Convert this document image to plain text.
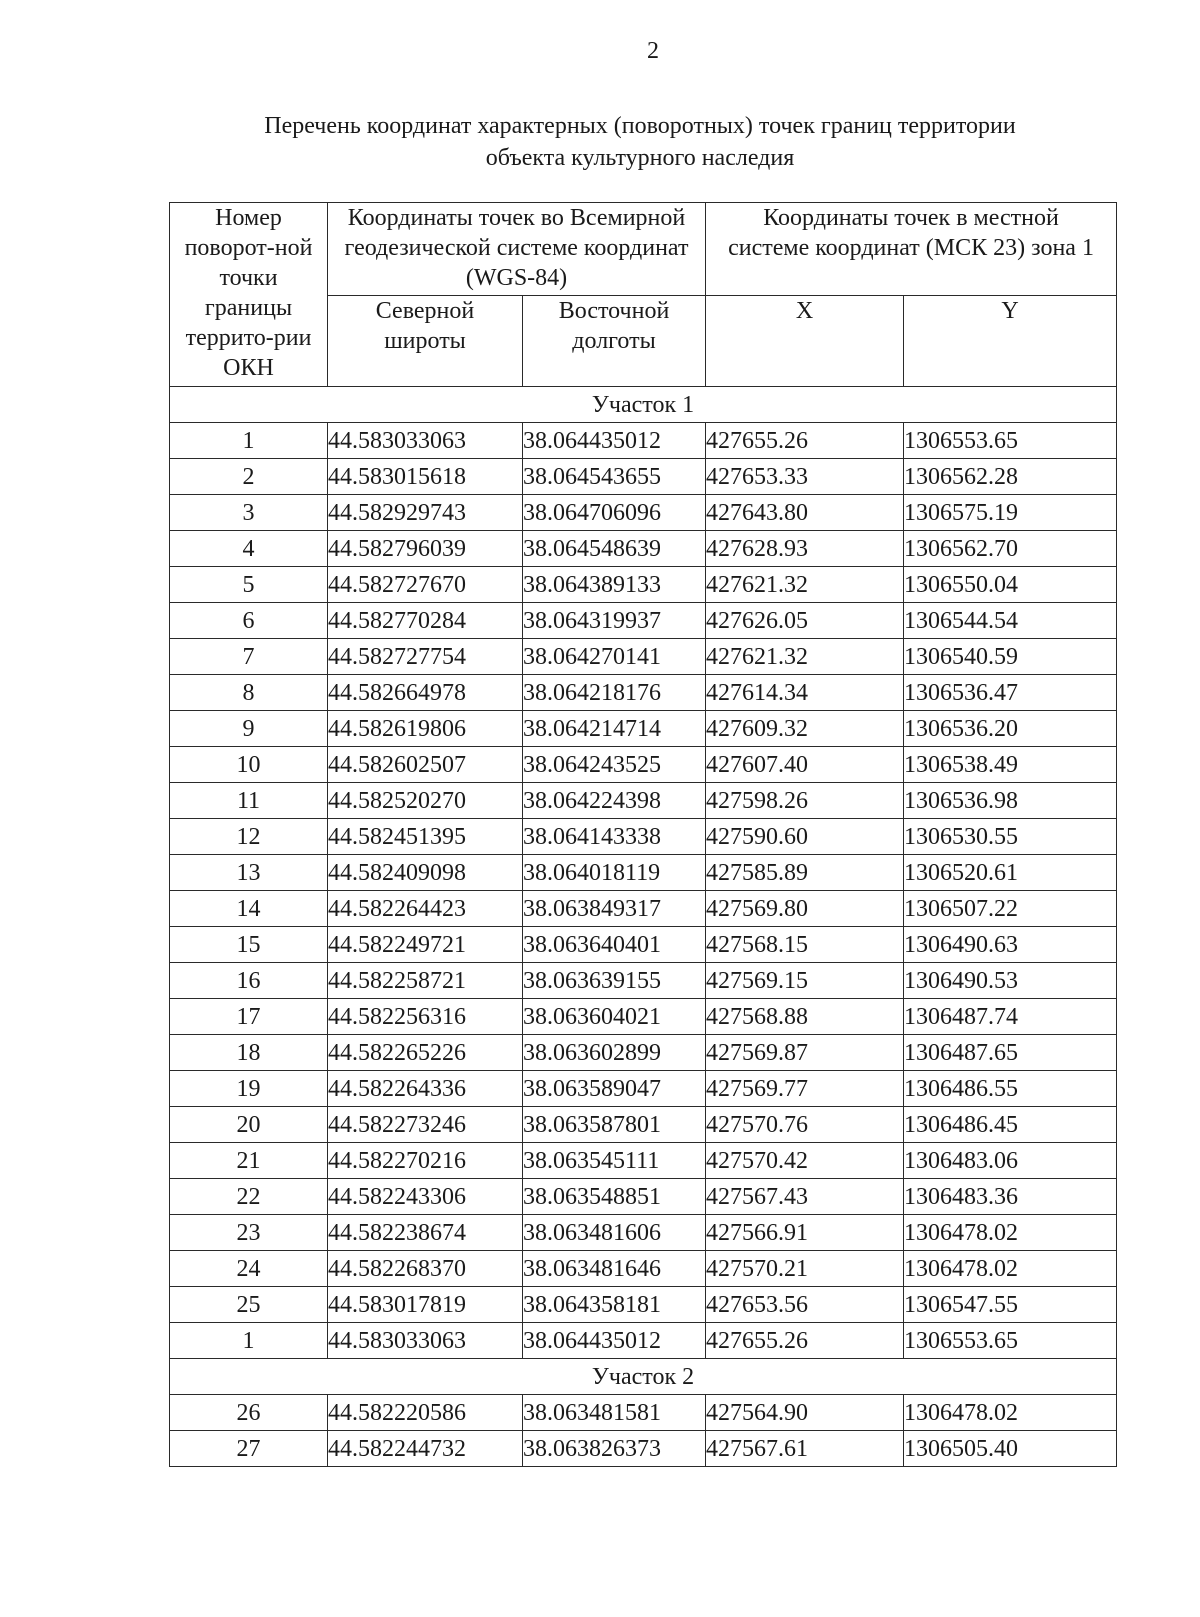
2
Перечень координат характерных (поворотных) точек границ территории
объекта культурного наследия
Номер поворот-ной точки границы террито-рии ОКН	Координаты точек во Всемирной геодезической системе координат (WGS-84)		Координаты точек в местной системе координат (МСК 23) зона 1	
	Северной широты	Восточной долготы	X	Y
Участок 1				
1	44.583033063	38.064435012	427655.26	1306553.65
2	44.583015618	38.064543655	427653.33	1306562.28
3	44.582929743	38.064706096	427643.80	1306575.19
4	44.582796039	38.064548639	427628.93	1306562.70
5	44.582727670	38.064389133	427621.32	1306550.04
6	44.582770284	38.064319937	427626.05	1306544.54
7	44.582727754	38.064270141	427621.32	1306540.59
8	44.582664978	38.064218176	427614.34	1306536.47
9	44.582619806	38.064214714	427609.32	1306536.20
10	44.582602507	38.064243525	427607.40	1306538.49
11	44.582520270	38.064224398	427598.26	1306536.98
12	44.582451395	38.064143338	427590.60	1306530.55
13	44.582409098	38.064018119	427585.89	1306520.61
14	44.582264423	38.063849317	427569.80	1306507.22
15	44.582249721	38.063640401	427568.15	1306490.63
16	44.582258721	38.063639155	427569.15	1306490.53
17	44.582256316	38.063604021	427568.88	1306487.74
18	44.582265226	38.063602899	427569.87	1306487.65
19	44.582264336	38.063589047	427569.77	1306486.55
20	44.582273246	38.063587801	427570.76	1306486.45
21	44.582270216	38.063545111	427570.42	1306483.06
22	44.582243306	38.063548851	427567.43	1306483.36
23	44.582238674	38.063481606	427566.91	1306478.02
24	44.582268370	38.063481646	427570.21	1306478.02
25	44.583017819	38.064358181	427653.56	1306547.55
1	44.583033063	38.064435012	427655.26	1306553.65
Участок 2				
26	44.582220586	38.063481581	427564.90	1306478.02
27	44.582244732	38.063826373	427567.61	1306505.40
